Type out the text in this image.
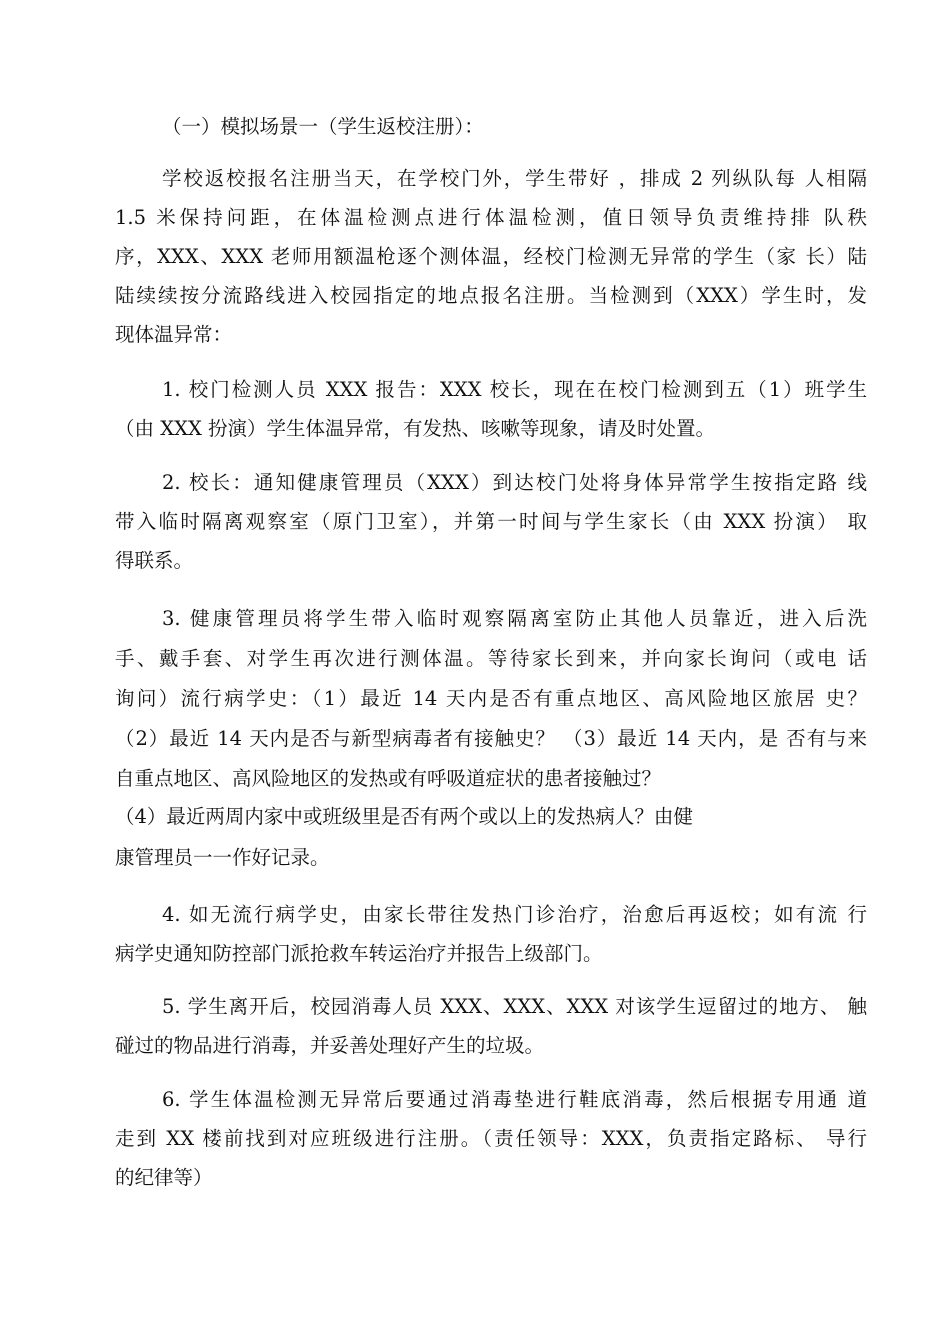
（一）模拟场景一（学生返校注册）：
学校返校报名注册当天，在学校门外，学生带好 ，排成 2 列纵队每 人相隔
1.5 米保持问距，在体温检测点进行体温检测，值日领导负责维持排 队秩
序，XXX、XXX 老师用额温枪逐个测体温，经校门检测无异常的学生（家 长）陆
陆续续按分流路线进入校园指定的地点报名注册。当检测到（XXX）学生时，发
现体温异常：
1. 校门检测人员 XXX 报告：XXX 校长，现在在校门检测到五（1）班学生
（由 XXX 扮演）学生体温异常，有发热、咳嗽等现象，请及时处置。
2. 校长：通知健康管理员（XXX）到达校门处将身体异常学生按指定路 线
带入临时隔离观察室（原门卫室），并第一时间与学生家长（由 XXX 扮演） 取
得联系。
3. 健康管理员将学生带入临时观察隔离室防止其他人员靠近，进入后洗
手、戴手套、对学生再次进行测体温。等待家长到来，并向家长询问（或电 话
询问）流行病学史：（1）最近 14 天内是否有重点地区、高风险地区旅居 史？
（2）最近 14 天内是否与新型病毒者有接触史？ （3）最近 14 天内，是 否有与来
自重点地区、高风险地区的发热或有呼吸道症状的患者接触过？
（4）最近两周内家中或班级里是否有两个或以上的发热病人？由健
康管理员一一作好记录。
4. 如无流行病学史，由家长带往发热门诊治疗，治愈后再返校；如有流 行
病学史通知防控部门派抢救车转运治疗并报告上级部门。
5. 学生离开后，校园消毒人员 XXX、XXX、XXX 对该学生逗留过的地方、 触
碰过的物品进行消毒，并妥善处理好产生的垃圾。
6. 学生体温检测无异常后要通过消毒垫进行鞋底消毒，然后根据专用通 道
走到 XX 楼前找到对应班级进行注册。（责任领导：XXX，负责指定路标、 导行
的纪律等）
